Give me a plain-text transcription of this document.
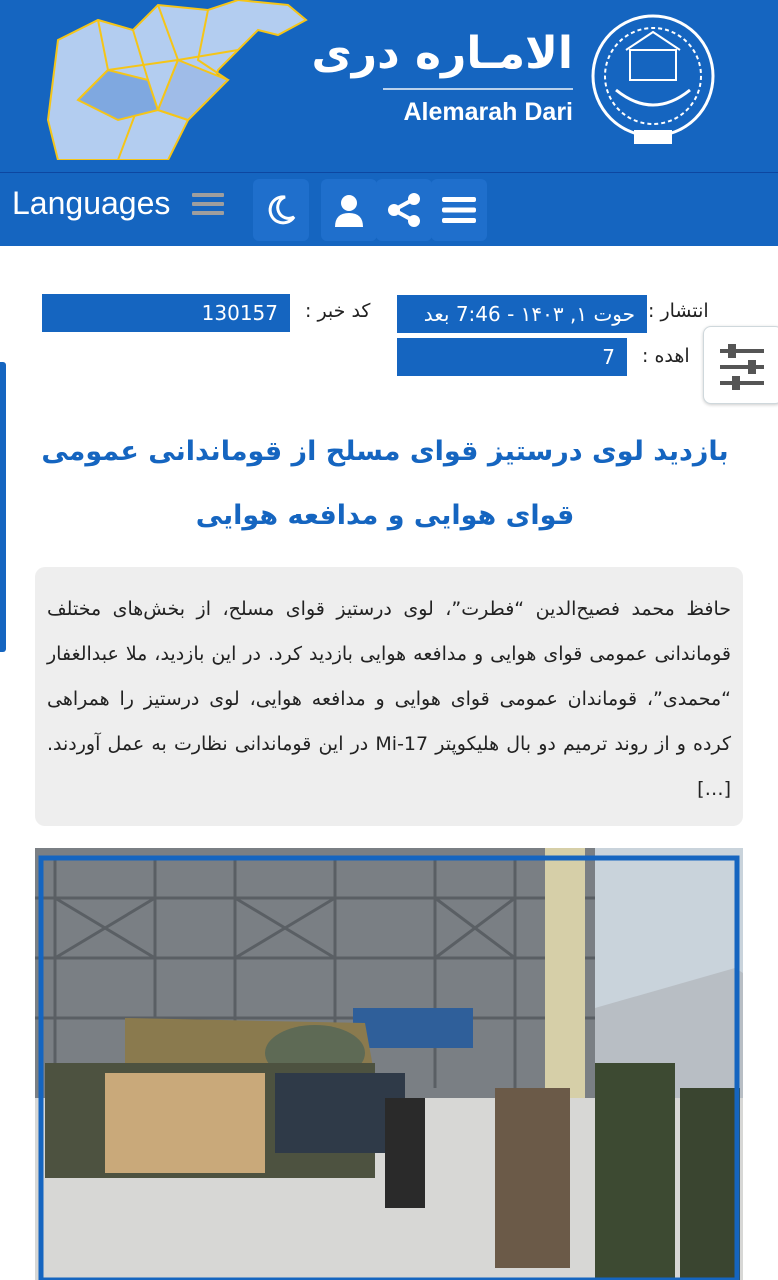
الامـاره دری
Alemarah Dari
Languages
انتشار :
حوت ۱, ۱۴۰۳ - 7:46 بعد
کد خبر :
130157
اهده :
7
بازدید لوی درستیز قوای مسلح از قوماندانی عمومی قوای هوایی و مدافعه هوایی
حافظ محمد فصیح‌الدین “فطرت”، لوی درستیز قوای مسلح، از بخش‌های مختلف قوماندانی عمومی قوای هوایی و مدافعه هوایی بازدید کرد. در این بازدید، ملا عبدالغفار “محمدی”، قوماندان عمومی قوای هوایی و مدافعه هوایی، لوی درستیز را همراهی کرده و از روند ترمیم دو بال هلیکوپتر Mi-17 در این قوماندانی نظارت به عمل آوردند. […]
